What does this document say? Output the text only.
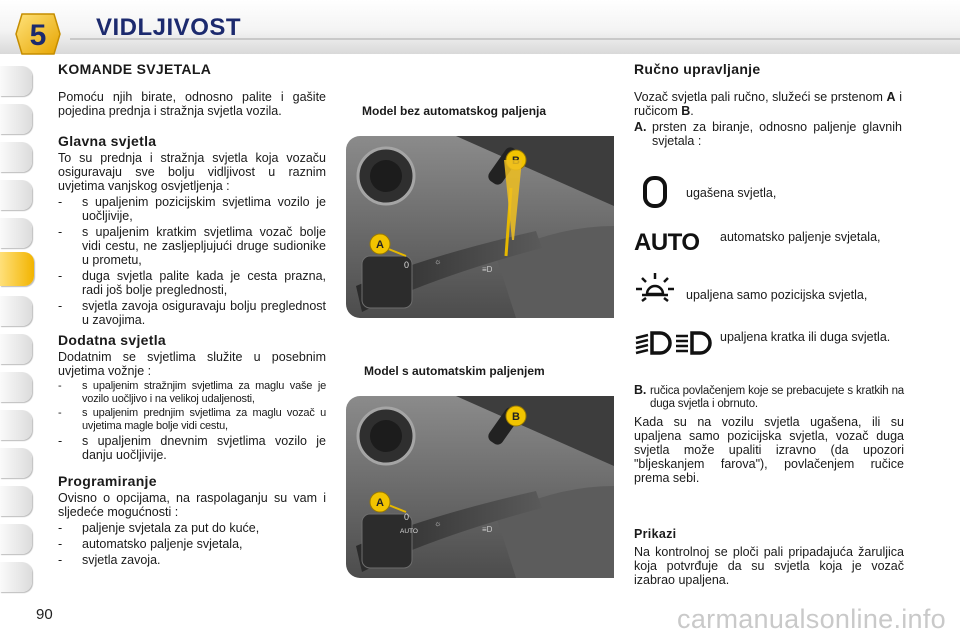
5 VIDLJIVOST
KOMANDE SVJETALA

Pomoću njih birate, odnosno palite i gašite pojedina prednja i stražnja svjetla vozila.

Glavna svjetla

To su prednja i stražnja svjetla koja vozaču osiguravaju sve bolju vidljivost u raznim uvjetima vanjskog osvjetljenja :

- s upaljenim pozicijskim svjetlima vozilo je uočljivije,

- s upaljenim kratkim svjetlima vozač bolje vidi cestu, ne zasljepljujući druge sudionike u prometu,

- duga svjetla palite kada je cesta prazna, radi još bolje preglednosti,

- svjetla zavoja osiguravaju bolju preglednost u zavojima.

Dodatna svjetla

Dodatnim se svjetlima služite u posebnim uvjetima vožnje :

- s upaljenim stražnjim svjetlima za maglu vaše je vozilo uočljivo i na velikoj udaljenosti,

- s upaljenim prednjim svjetlima za maglu vozač u uvjetima magle bolje vidi cestu,

- s upaljenim dnevnim svjetlima vozilo je danju uočljivije.

Programiranje

Ovisno o opcijama, na raspolaganju su vam i sljedeće mogućnosti :

- paljenje svjetala za put do kuće,

- automatsko paljenje svjetala,

- svjetla zavoja.

Model bez automatskog paljenja
0	☼
≡D
A
Model s automatskim paljenjem
0
AUTO
☼
≡D
B
A
Ručno upravljanje

Vozač svjetla pali ručno, služeći se prstenom A i ručicom B.

A. prsten za biranje, odnosno paljenje glavnih svjetala :

ugašena svjetla,
AUTO automatsko paljenje svjetala,
upaljena samo pozicijska svjetla,
upaljena kratka ili duga svjetla.

B. ručica povlačenjem koje se prebacujete s kratkih na duga svjetla i obrnuto.

Kada su na vozilu svjetla ugašena, ili su upaljena samo pozicijska svjetla, vozač duga svjetla može upaliti izravno (da upozori "bljeskanjem farova"), povlačenjem ručice prema sebi.

Prikazi

Na kontrolnoj se ploči pali pripadajuća žaruljica koja potvrđuje da su svjetla koja je vozač izabrao upaljena.

90	carmanualsonline.info
